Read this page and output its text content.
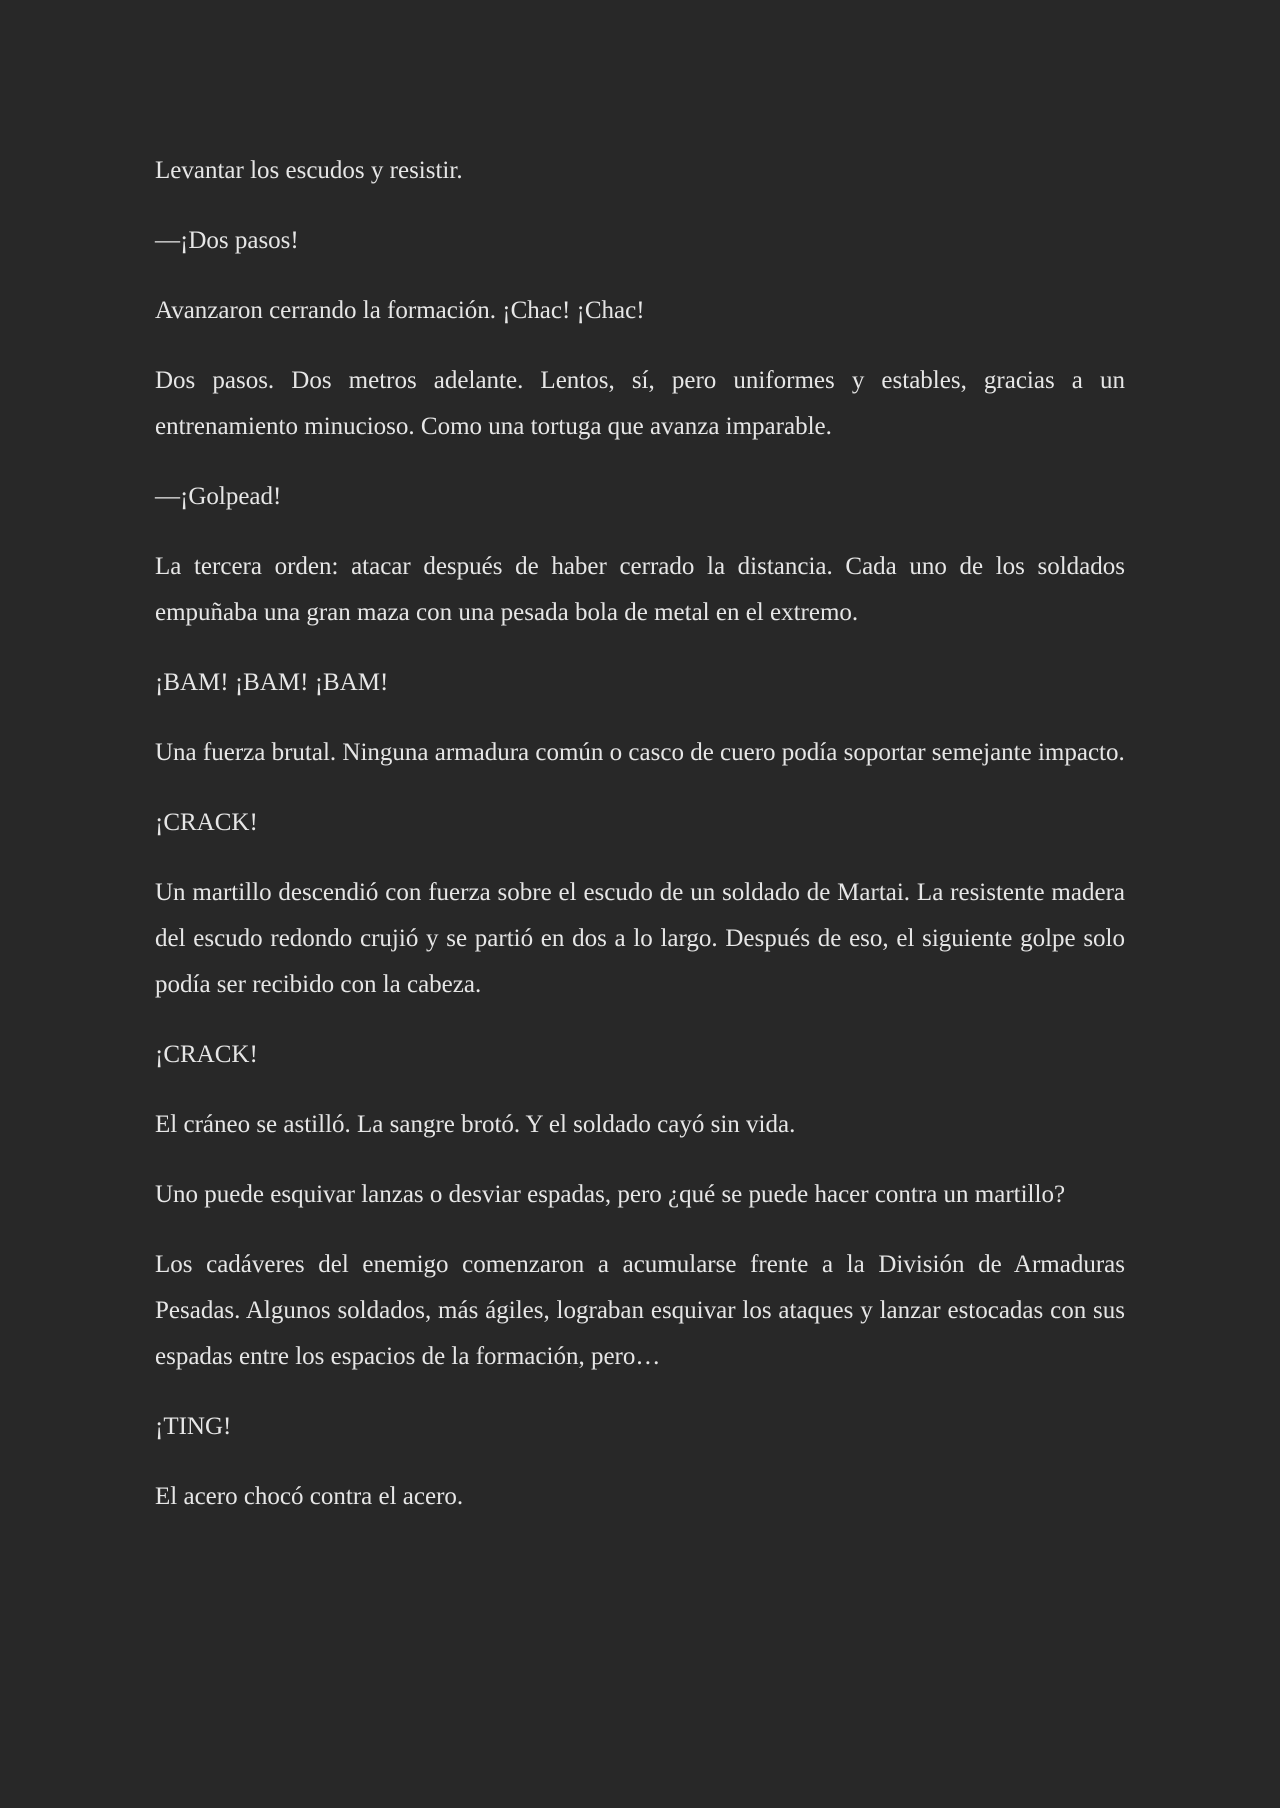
Levantar los escudos y resistir.

—¡Dos pasos!

Avanzaron cerrando la formación. ¡Chac! ¡Chac!

Dos pasos. Dos metros adelante. Lentos, sí, pero uniformes y estables, gracias a un entrenamiento minucioso. Como una tortuga que avanza imparable.

—¡Golpead!

La tercera orden: atacar después de haber cerrado la distancia. Cada uno de los soldados empuñaba una gran maza con una pesada bola de metal en el extremo.

¡BAM! ¡BAM! ¡BAM!

Una fuerza brutal. Ninguna armadura común o casco de cuero podía soportar semejante impacto.

¡CRACK!

Un martillo descendió con fuerza sobre el escudo de un soldado de Martai. La resistente madera del escudo redondo crujió y se partió en dos a lo largo. Después de eso, el siguiente golpe solo podía ser recibido con la cabeza.

¡CRACK!

El cráneo se astilló. La sangre brotó. Y el soldado cayó sin vida.

Uno puede esquivar lanzas o desviar espadas, pero ¿qué se puede hacer contra un martillo?

Los cadáveres del enemigo comenzaron a acumularse frente a la División de Armaduras Pesadas. Algunos soldados, más ágiles, lograban esquivar los ataques y lanzar estocadas con sus espadas entre los espacios de la formación, pero…

¡TING!

El acero chocó contra el acero.
